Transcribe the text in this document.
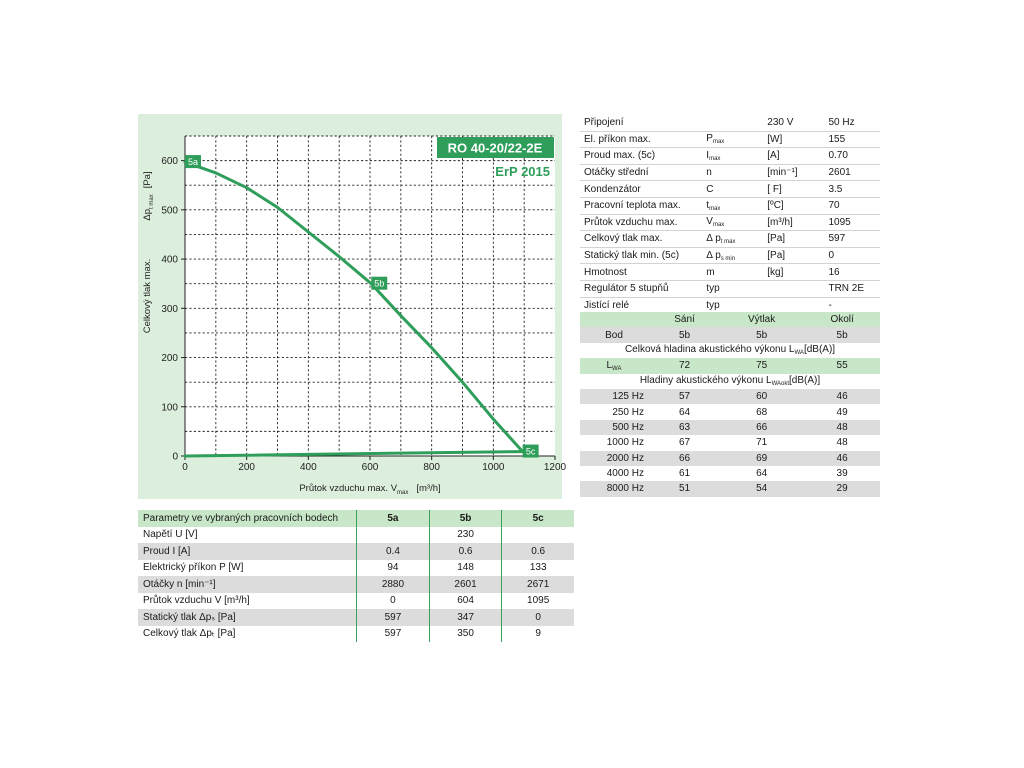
0	200	400	600	800	1000	1200
0
100
200
300
400
500
600 5a
5b
5c
RO 40-20/22-2E
ErP 2015
Průtok vzduchu max. $V_{max}$ [m³/h]
Celkový tlak max.
$\Delta p_{t max}[Pa]$
Připojení		230 V	50 Hz
El. příkon max.	$P_{max}$	[W]	155
Proud max. (5c)	$I_{max}$	[A]	0.70
Otáčky střední	n	[min⁻¹]	2601
Kondenzátor	C	[ F]	3.5
Pracovní teplota max.	$t_{max}$	[ºC]	70
Průtok vzduchu max.	$V_{max}$	[m³/h]	1095
Celkový tlak max.	Δ $p_{t max}$	[Pa]	597
Statický tlak min. (5c)	Δ $p_{s min}$	[Pa]	0
Hmotnost	m	[kg]	16
Regulátor 5 stupňů	typ		TRN 2E
Jistící relé	typ		-
	Sání	Výtlak	Okolí
Bod	5b	5b	5b
Celková hladina akustického výkonu $L_{WA}[dB(A)]$			
$L_{WA}$	72	75	55
Hladiny akustického výkonu $L_{WAokt}[dB(A)]$			
125 Hz	57	60	46
250 Hz	64	68	49
500 Hz	63	66	48
1000 Hz	67	71	48
2000 Hz	66	69	46
4000 Hz	61	64	39
8000 Hz	51	54	29
Parametry ve vybraných pracovních bodech	5a	5b	5c
Napětí U [V]		230	
Proud I [A]	0.4	0.6	0.6
Elektrický příkon P [W]	94	148	133
Otáčky n [min⁻¹]	2880	2601	2671
Průtok vzduchu V [m³/h]	0	604	1095
Statický tlak Δpₛ [Pa]	597	347	0
Celkový tlak Δpₜ [Pa]	597	350	9
